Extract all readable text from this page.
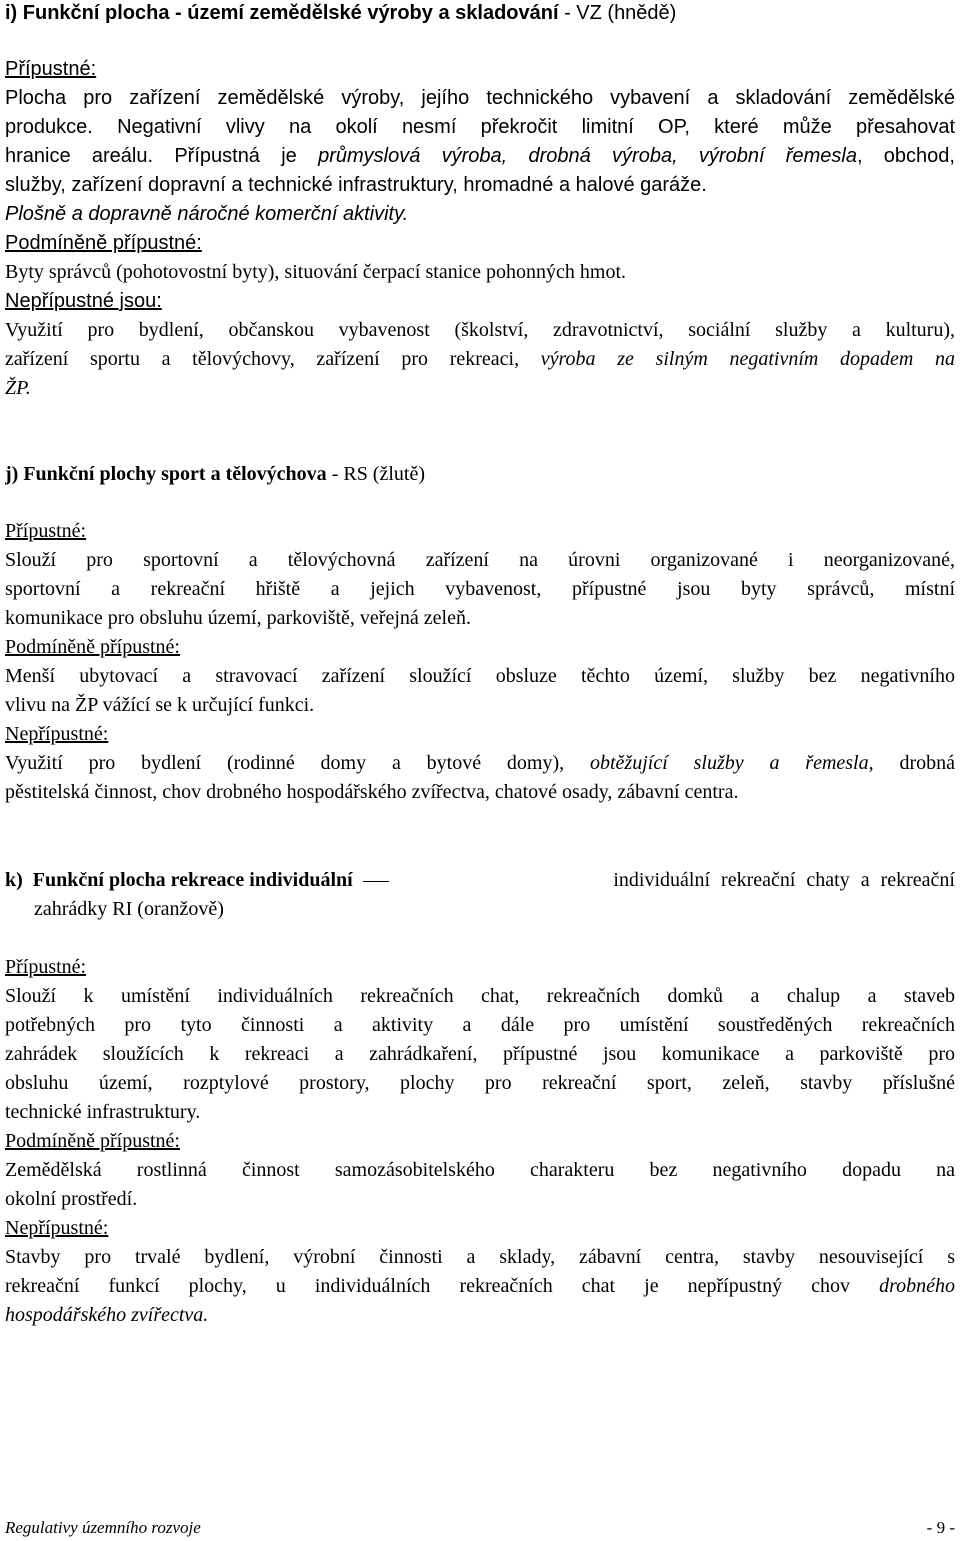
i) Funkční plocha - území zemědělské výroby a skladování - VZ (hnědě)
Přípustné:
Plocha pro zařízení zemědělské výroby, jejího technického vybavení a skladování zemědělské
produkce. Negativní vlivy na okolí nesmí překročit limitní OP, které může přesahovat
hranice areálu. Přípustná je průmyslová výroba, drobná výroba, výrobní řemesla, obchod,
služby, zařízení dopravní a technické infrastruktury, hromadné a halové garáže.
Plošně a dopravně náročné komerční aktivity.
Podmíněně přípustné:
Byty správců (pohotovostní byty), situování čerpací stanice pohonných hmot.
Nepřípustné jsou:
Využití pro bydlení, občanskou vybavenost (školství, zdravotnictví, sociální služby a kulturu),
zařízení sportu a tělovýchovy, zařízení pro rekreaci, výroba ze silným negativním dopadem na
ŽP.
j) Funkční plochy sport a tělovýchova - RS (žlutě)
Přípustné:
Slouží pro sportovní a tělovýchovná zařízení na úrovni organizované i neorganizované,
sportovní a rekreační hřiště a jejich vybavenost, přípustné jsou byty správců, místní
komunikace pro obsluhu území, parkoviště, veřejná zeleň.
Podmíněně přípustné:
Menší ubytovací a stravovací zařízení sloužící obsluze těchto území, služby bez negativního
vlivu na ŽP vážící se k určující funkci.
Nepřípustné:
Využití pro bydlení (rodinné domy a bytové domy), obtěžující služby a řemesla, drobná
pěstitelská činnost, chov drobného hospodářského zvířectva, chatové osady, zábavní centra.
k) Funkční plocha rekreace individuální	individuální rekreační chaty a rekreační
zahrádky RI (oranžově)
Přípustné:
Slouží k umístění individuálních rekreačních chat, rekreačních domků a chalup a staveb
potřebných pro tyto činnosti a aktivity a dále pro umístění soustředěných rekreačních
zahrádek sloužících k rekreaci a zahrádkaření, přípustné jsou komunikace a parkoviště pro
obsluhu území, rozptylové prostory, plochy pro rekreační sport, zeleň, stavby příslušné
technické infrastruktury.
Podmíněně přípustné:
Zemědělská rostlinná činnost samozásobitelského charakteru bez negativního dopadu na
okolní prostředí.
Nepřípustné:
Stavby pro trvalé bydlení, výrobní činnosti a sklady, zábavní centra, stavby nesouvisející s
rekreační funkcí plochy, u individuálních rekreačních chat je nepřípustný chov drobného
hospodářského zvířectva.
Regulativy územního rozvoje	- 9 -
